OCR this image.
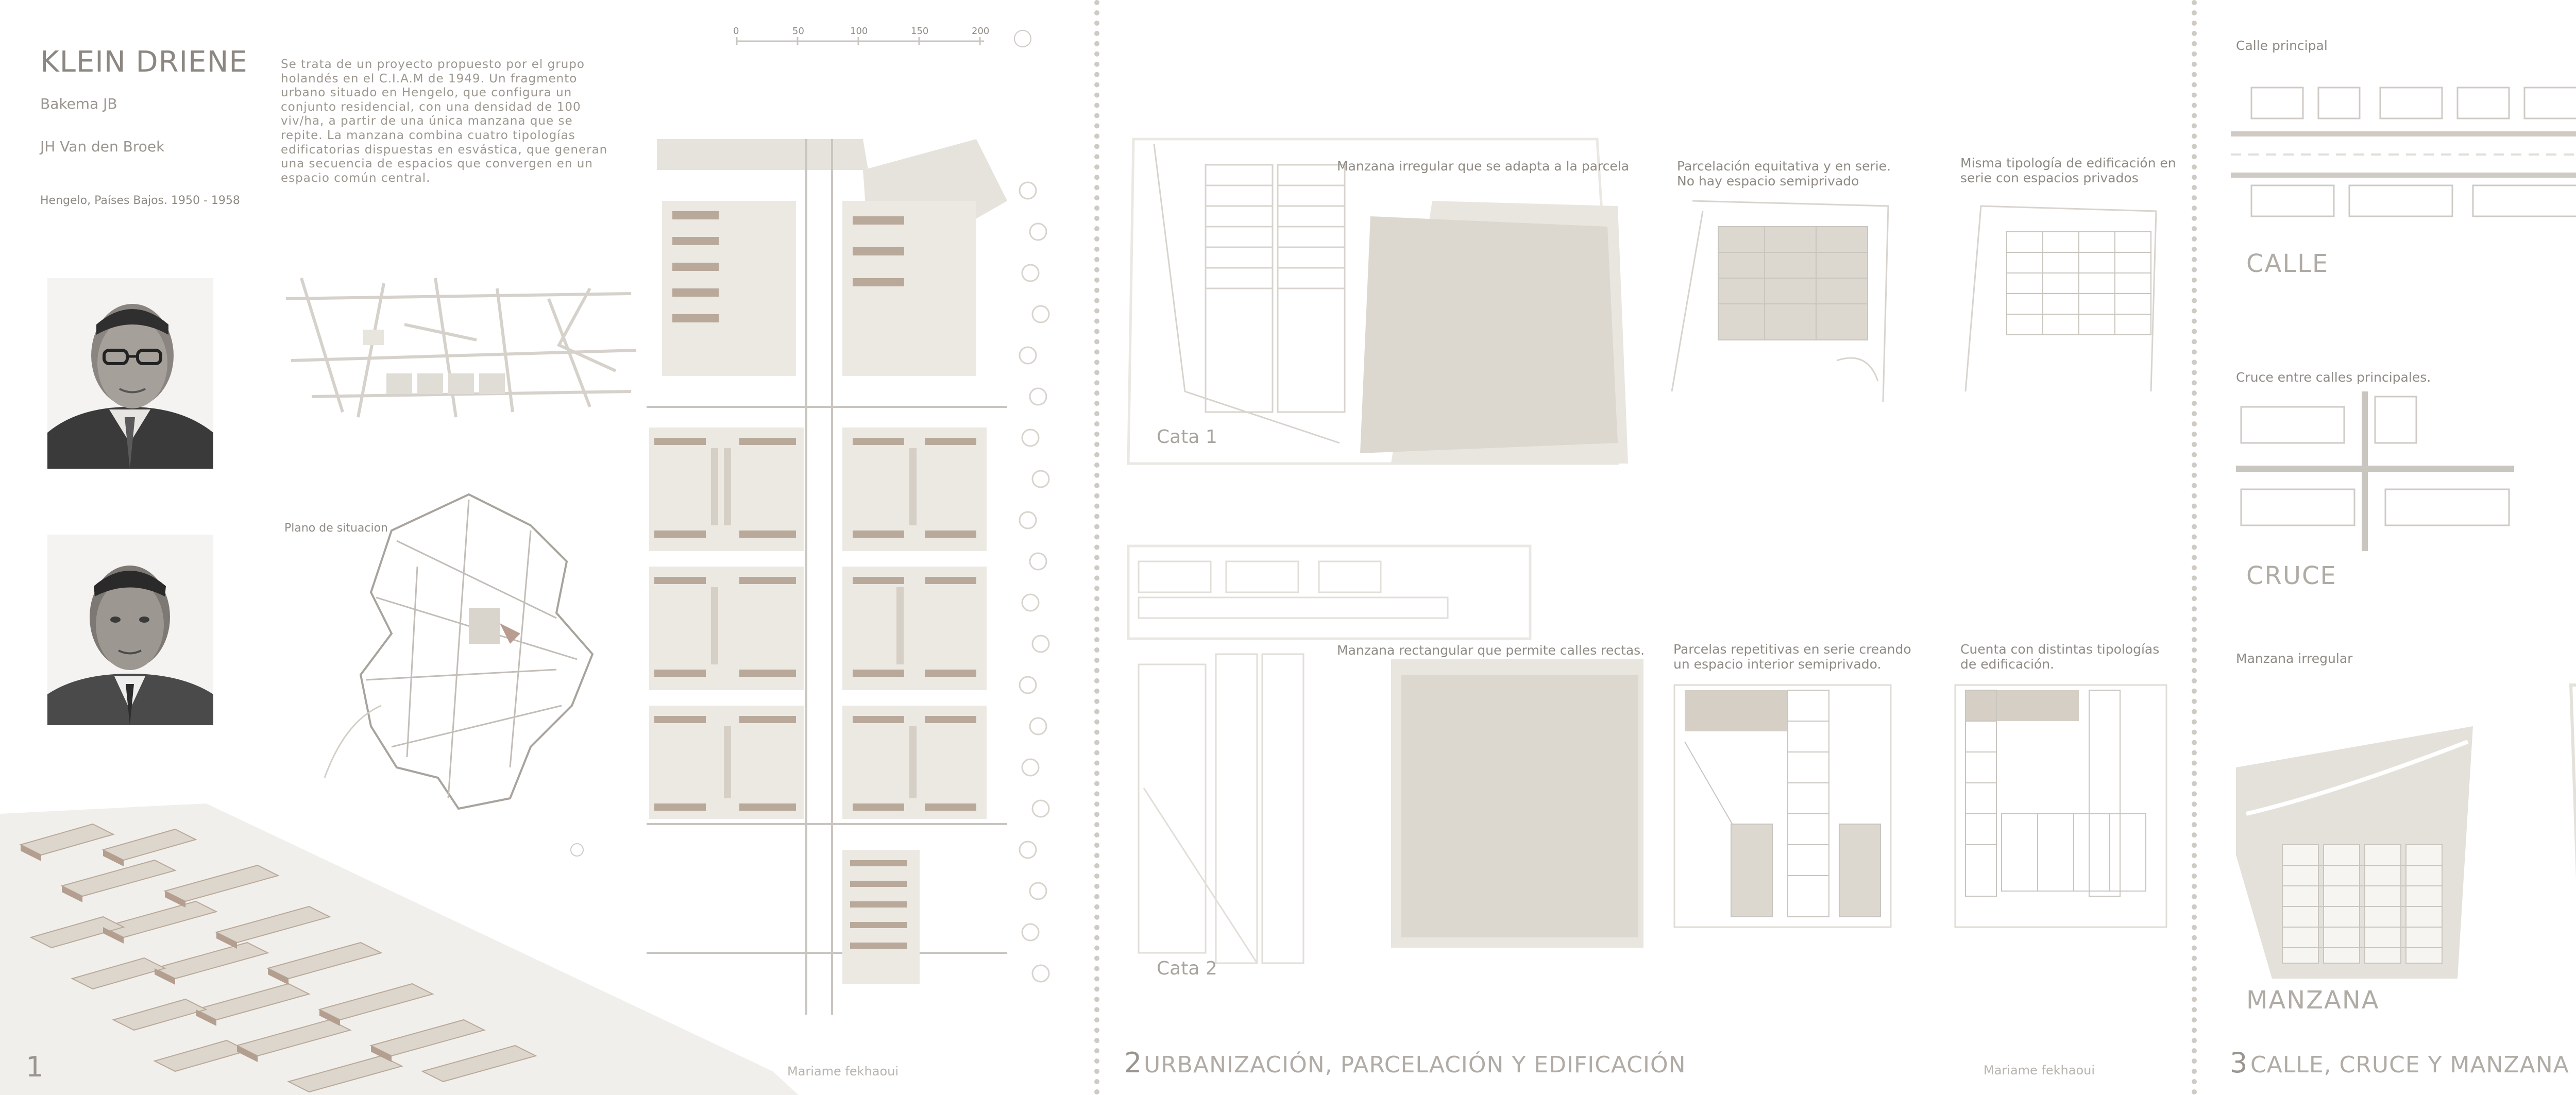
KLEIN DRIENE
Bakema JB
JH Van den Broek
Hengelo, Países Bajos. 1950 - 1958
Se trata de un proyecto propuesto por el grupo holandés en el C.I.A.M de 1949. Un fragmento urbano situado en Hengelo, que configura un conjunto residencial, con una densidad de 100 viv/ha, a partir de una única manzana que se repite. La manzana combina cuatro tipologías edificatorias dispuestas en esvástica, que generan una secuencia de espacios que convergen en un espacio común central.
0	50	100	150	200
Plano de situacion
1	Mariame fekhaoui
Cata 1
Cata 2
Manzana irregular que se adapta a la parcela	Parcelación equitativa y en serie. No hay espacio semiprivado
Misma tipología de edificación en serie con espacios privados
Manzana rectangular que permite calles rectas.	Parcelas repetitivas en serie creando un espacio interior semiprivado.
Cuenta con distintas tipologías de edificación.
2 URBANIZACIÓN, PARCELACIÓN Y EDIFICACIÓN	Mariame fekhaoui
Calle principal
Cruce entre calles principales.
Manzana irregular
CALLE
CRUCE
MANZANA
3 CALLE, CRUCE Y MANZANA
